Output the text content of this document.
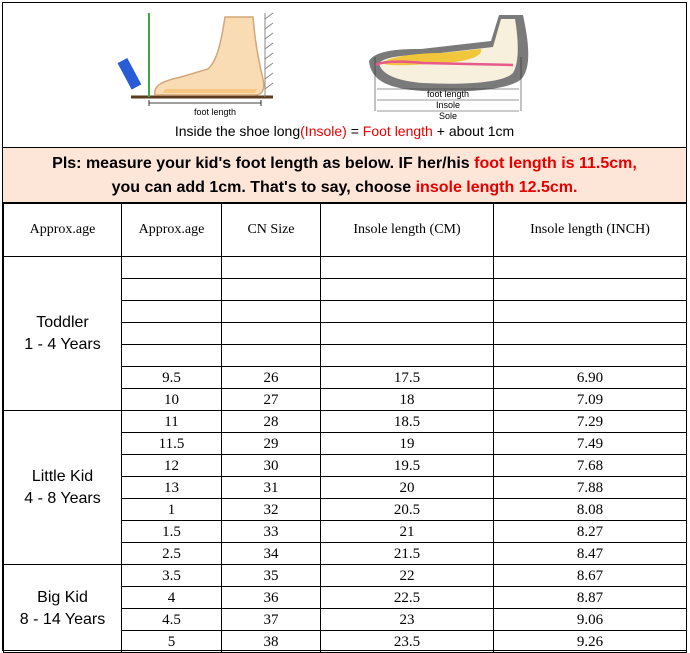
foot length
foot length
Insole
Sole
Inside the shoe long(Insole) = Foot length + about 1cm
Pls: measure your kid's foot length as below. IF her/his foot length is 11.5cm,
you can add 1cm. That's to say, choose insole length 12.5cm.
Approx.age	Approx.age	CN Size	Insole length (CM)	Insole length (INCH)

Toddler
1 - 4 Years				

	9.5	26	17.5	6.90
	10	27	18	7.09

Little Kid
4 - 8 Years	11	28	18.5	7.29
	11.5	29	19	7.49
	12	30	19.5	7.68
	13	31	20	7.88
	1	32	20.5	8.08
	1.5	33	21	8.27
	2.5	34	21.5	8.47

Big Kid
8 - 14 Years	3.5	35	22	8.67
	4	36	22.5	8.87
	4.5	37	23	9.06
	5	38	23.5	9.26
